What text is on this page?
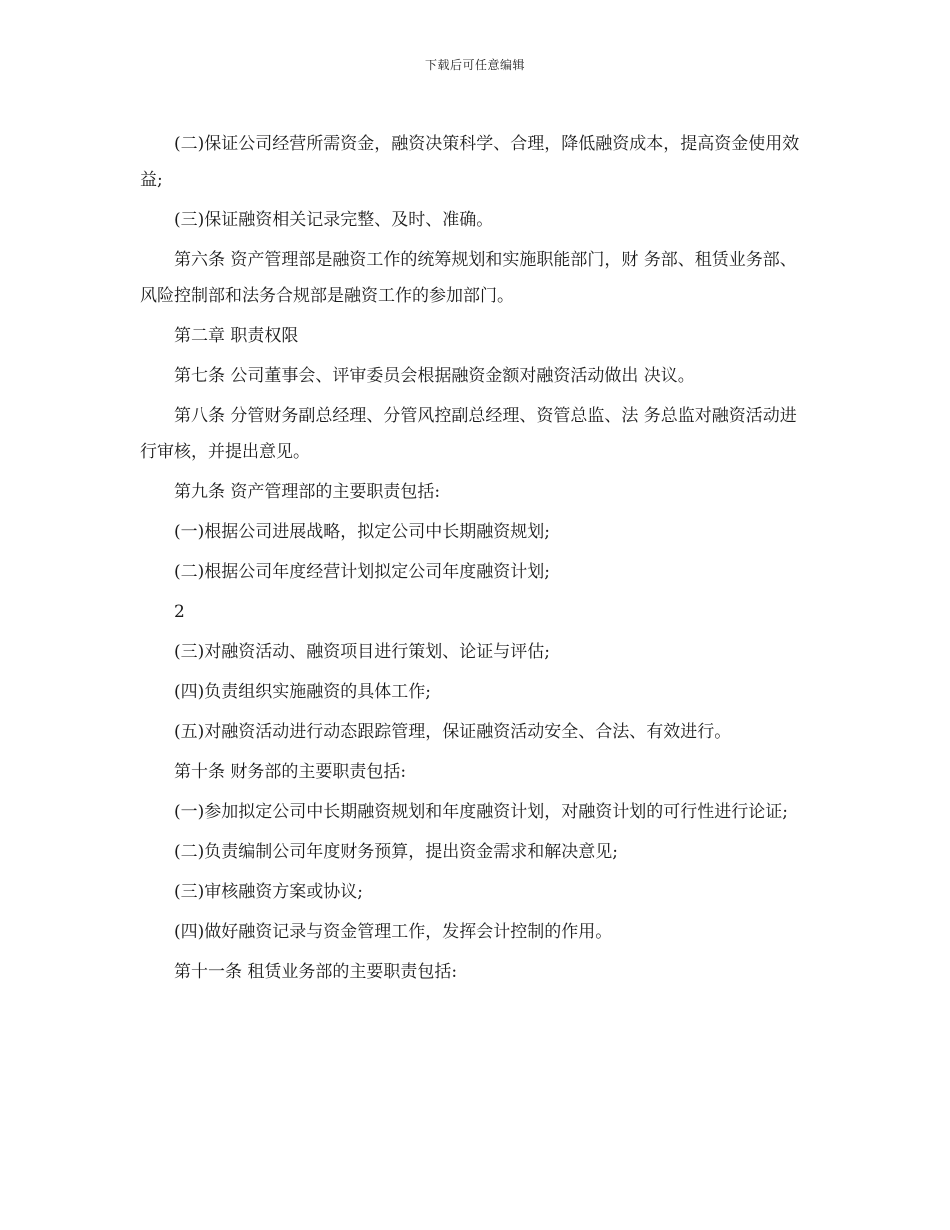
下载后可任意编辑

(二)保证公司经营所需资金，融资决策科学、合理，降低融资成本，提高资金使用效益;

(三)保证融资相关记录完整、及时、准确。

第六条 资产管理部是融资工作的统筹规划和实施职能部门，财 务部、租赁业务部、风险控制部和法务合规部是融资工作的参加部门。

第二章 职责权限

第七条 公司董事会、评审委员会根据融资金额对融资活动做出 决议。

第八条 分管财务副总经理、分管风控副总经理、资管总监、法 务总监对融资活动进行审核，并提出意见。

第九条 资产管理部的主要职责包括:

(一)根据公司进展战略，拟定公司中长期融资规划;

(二)根据公司年度经营计划拟定公司年度融资计划;

2

(三)对融资活动、融资项目进行策划、论证与评估;

(四)负责组织实施融资的具体工作;

(五)对融资活动进行动态跟踪管理，保证融资活动安全、合法、有效进行。

第十条 财务部的主要职责包括:

(一)参加拟定公司中长期融资规划和年度融资计划，对融资计划的可行性进行论证;

(二)负责编制公司年度财务预算，提出资金需求和解决意见;

(三)审核融资方案或协议;

(四)做好融资记录与资金管理工作，发挥会计控制的作用。

第十一条 租赁业务部的主要职责包括:
